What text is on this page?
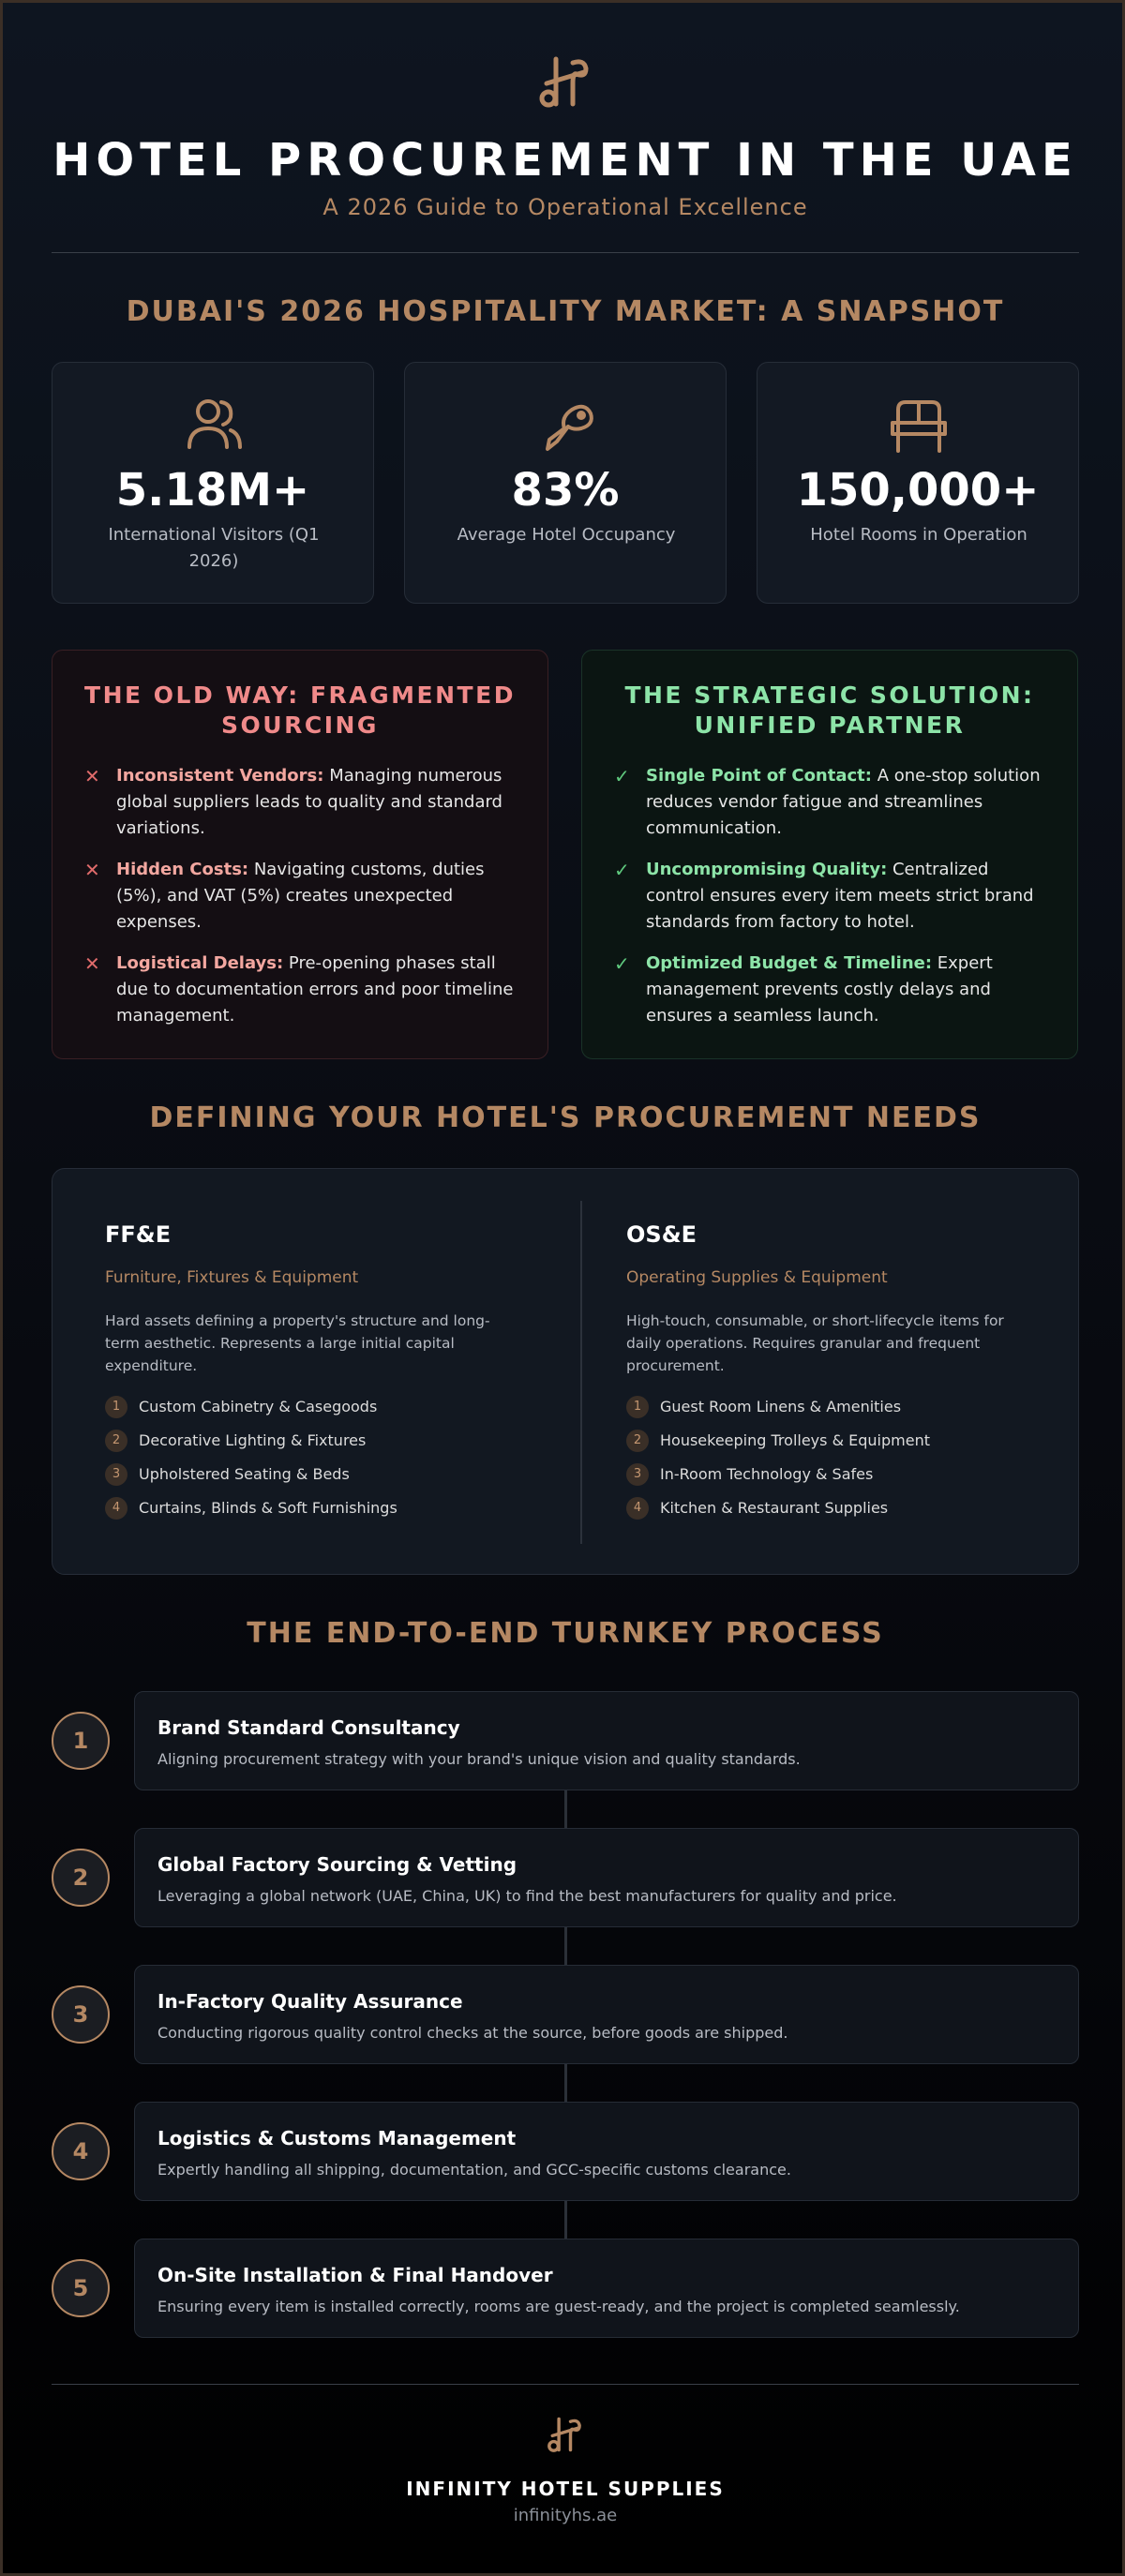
HOTEL PROCUREMENT IN THE UAE
A 2026 Guide to Operational Excellence
DUBAI'S 2026 HOSPITALITY MARKET: A SNAPSHOT
5.18M+
International Visitors (Q1 2026)
83%
Average Hotel Occupancy
150,000+
Hotel Rooms in Operation
THE OLD WAY: FRAGMENTED SOURCING
✕ Inconsistent Vendors: Managing numerous global suppliers leads to quality and standard variations.
✕ Hidden Costs: Navigating customs, duties (5%), and VAT (5%) creates unexpected expenses.
✕ Logistical Delays: Pre-opening phases stall due to documentation errors and poor timeline management.
THE STRATEGIC SOLUTION: UNIFIED PARTNER
✓ Single Point of Contact: A one-stop solution reduces vendor fatigue and streamlines communication.
✓ Uncompromising Quality: Centralized control ensures every item meets strict brand standards from factory to hotel.
✓ Optimized Budget & Timeline: Expert management prevents costly delays and ensures a seamless launch.
DEFINING YOUR HOTEL'S PROCUREMENT NEEDS
FF&E
Furniture, Fixtures & Equipment
Hard assets defining a property's structure and long-term aesthetic. Represents a large initial capital expenditure.
1	Custom Cabinetry & Casegoods
2	Decorative Lighting & Fixtures
3	Upholstered Seating & Beds
4	Curtains, Blinds & Soft Furnishings
OS&E
Operating Supplies & Equipment
High-touch, consumable, or short-lifecycle items for daily operations. Requires granular and frequent procurement.
1	Guest Room Linens & Amenities
2	Housekeeping Trolleys & Equipment
3	In-Room Technology & Safes
4	Kitchen & Restaurant Supplies
THE END-TO-END TURNKEY PROCESS
1	Brand Standard Consultancy
Aligning procurement strategy with your brand's unique vision and quality standards.
2	Global Factory Sourcing & Vetting
Leveraging a global network (UAE, China, UK) to find the best manufacturers for quality and price.
3	In-Factory Quality Assurance
Conducting rigorous quality control checks at the source, before goods are shipped.
4	Logistics & Customs Management
Expertly handling all shipping, documentation, and GCC-specific customs clearance.
5	On-Site Installation & Final Handover
Ensuring every item is installed correctly, rooms are guest-ready, and the project is completed seamlessly.
INFINITY HOTEL SUPPLIES
infinityhs.ae
